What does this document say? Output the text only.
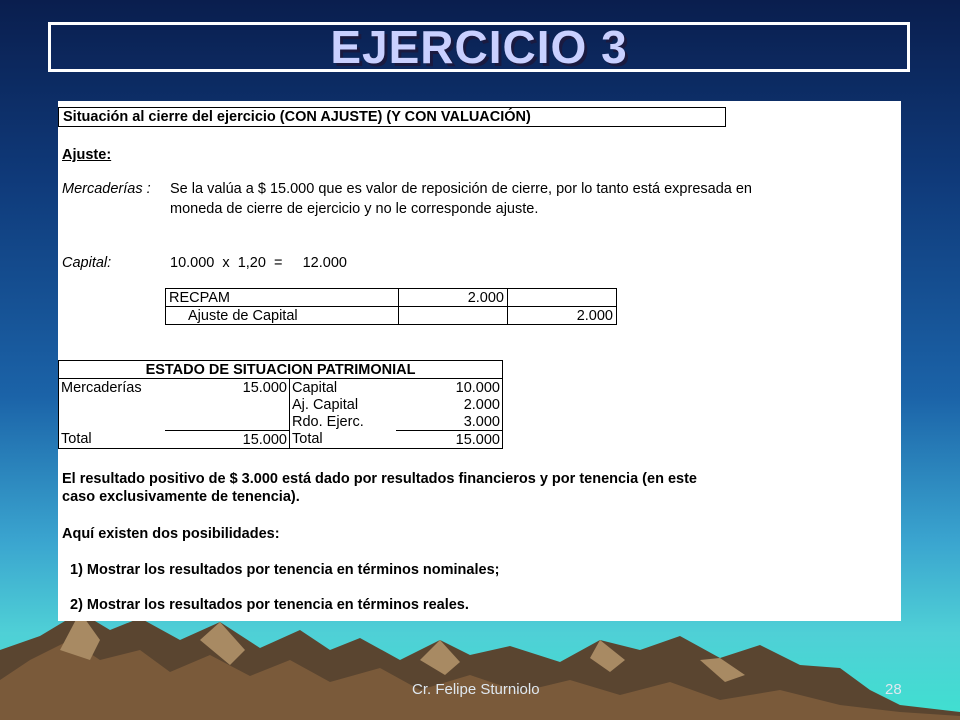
EJERCICIO 3
Situación al cierre del ejercicio (CON AJUSTE) (Y CON VALUACIÓN)
Ajuste:
Mercaderías : Se la valúa a $ 15.000 que es valor de reposición de cierre, por lo tanto está expresada en
moneda de cierre de ejercicio y no le corresponde ajuste.
Capital:	10.000  x  1,20  =     12.000
RECPAM	2.000	
Ajuste de Capital		2.000
ESTADO DE SITUACION PATRIMONIAL			
Mercaderías	15.000	Capital	10.000
		Aj. Capital	2.000
		Rdo. Ejerc.	3.000
Total	15.000	Total	15.000
El resultado positivo de $ 3.000 está dado por resultados financieros y por tenencia (en este
caso exclusivamente de tenencia).
Aquí existen dos posibilidades:
1) Mostrar los resultados por tenencia en términos nominales;
2) Mostrar los resultados por tenencia en términos reales.
Cr. Felipe Sturniolo	28
